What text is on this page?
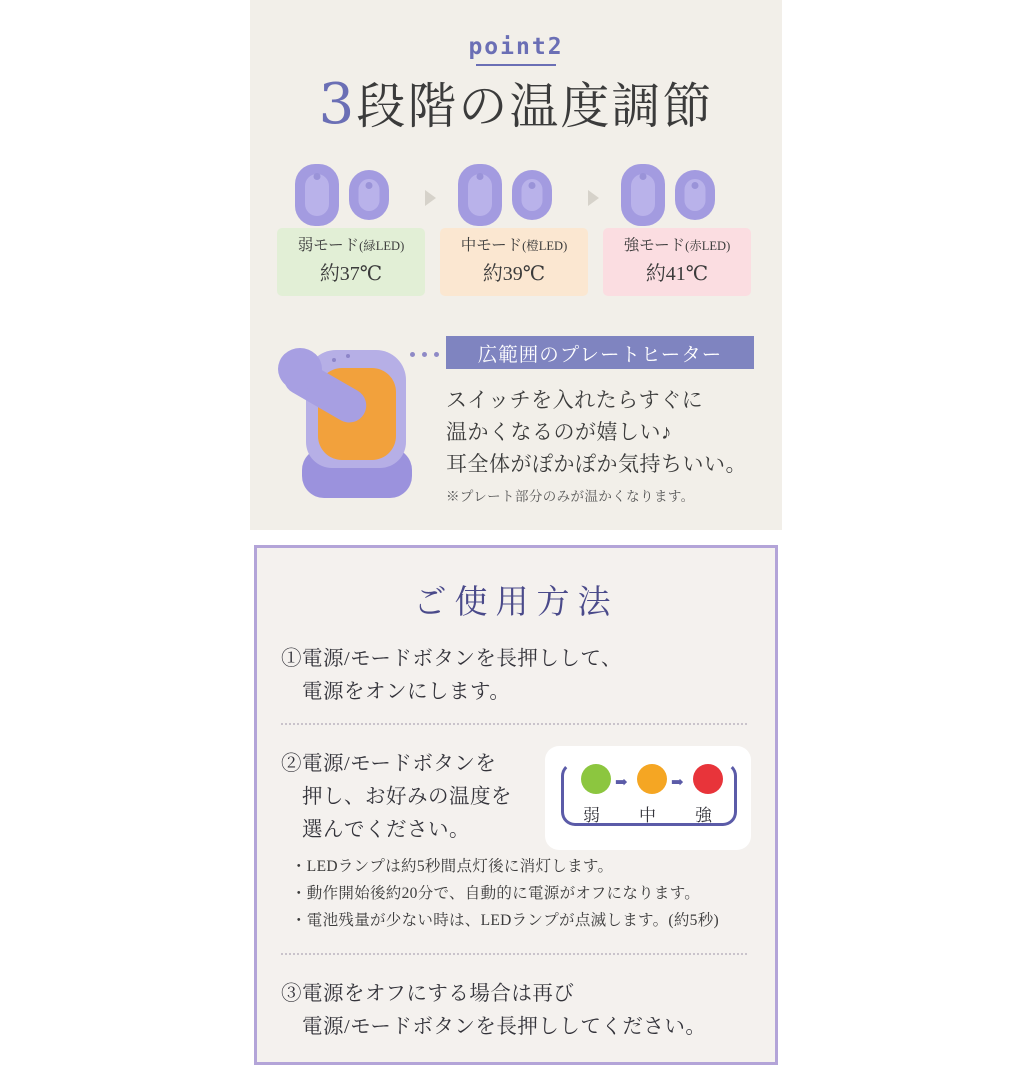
point2
3段階の温度調節
弱モード(緑LED)
約37℃
中モード(橙LED)
約39℃
強モード(赤LED)
約41℃
広範囲のプレートヒーター
スイッチを入れたらすぐに
温かくなるのが嬉しい♪
耳全体がぽかぽか気持ちいい。
※プレート部分のみが温かくなります。
ご使用方法
①電源/モードボタンを長押しして、
　電源をオンにします。
②電源/モードボタンを
　押し、お好みの温度を
　選んでください。
➡	➡
弱 中 強
・LEDランプは約5秒間点灯後に消灯します。
・動作開始後約20分で、自動的に電源がオフになります。
・電池残量が少ない時は、LEDランプが点滅します。(約5秒)
③電源をオフにする場合は再び
　電源/モードボタンを長押ししてください。
